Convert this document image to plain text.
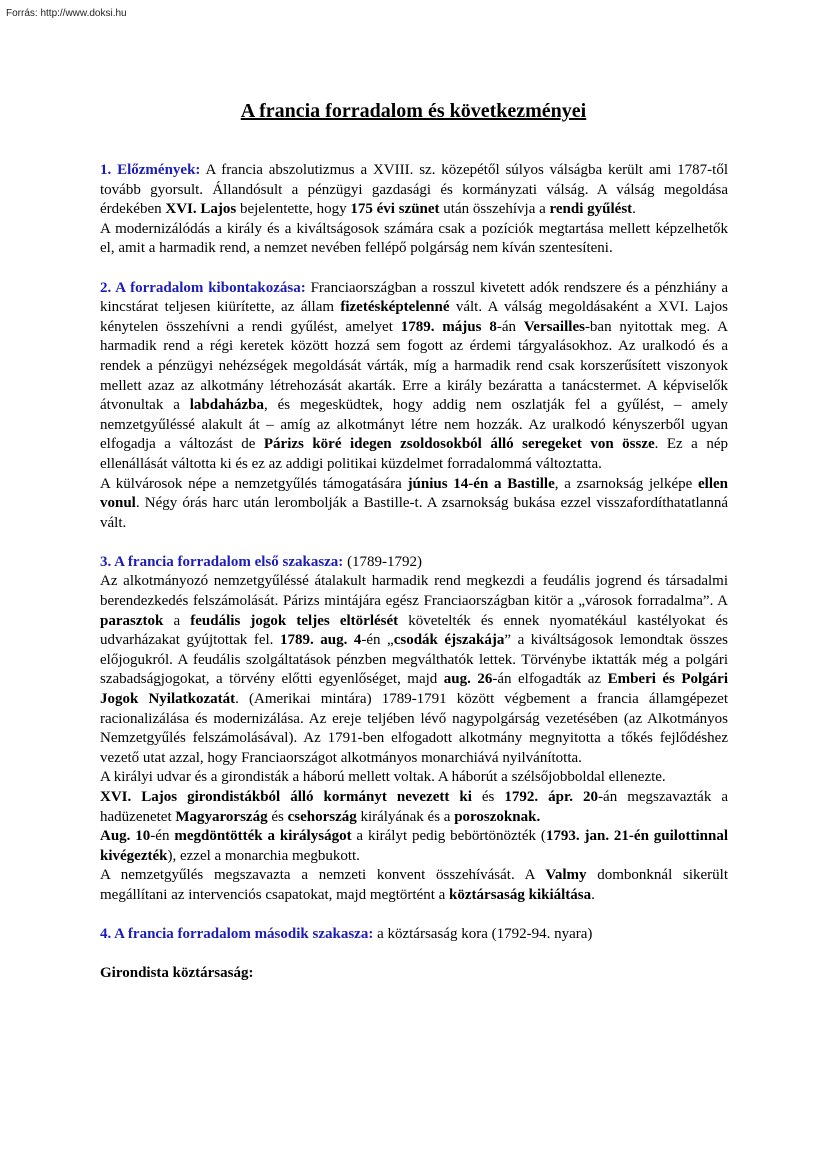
Forrás: http://www.doksi.hu
A francia forradalom és következményei

1. Előzmények: A francia abszolutizmus a XVIII. sz. közepétől súlyos válságba került ami 1787-től tovább gyorsult. Állandósult a pénzügyi gazdasági és kormányzati válság. A válság megoldása érdekében XVI. Lajos bejelentette, hogy 175 évi szünet után összehívja a rendi gyűlést.

A modernizálódás a király és a kiváltságosok számára csak a pozíciók megtartása mellett képzelhetők el, amit a harmadik rend, a nemzet nevében fellépő polgárság nem kíván szentesíteni.

2. A forradalom kibontakozása: Franciaországban a rosszul kivetett adók rendszere és a pénzhiány a kincstárat teljesen kiürítette, az állam fizetésképtelenné vált. A válság megoldásaként a XVI. Lajos kénytelen összehívni a rendi gyűlést, amelyet 1789. május 8-án Versailles-ban nyitottak meg. A harmadik rend a régi keretek között hozzá sem fogott az érdemi tárgyalásokhoz. Az uralkodó és a rendek a pénzügyi nehézségek megoldását várták, míg a harmadik rend csak korszerűsített viszonyok mellett azaz az alkotmány létrehozását akarták. Erre a király bezáratta a tanácstermet. A képviselők átvonultak a labdaházba, és megesküdtek, hogy addig nem oszlatják fel a gyűlést, – amely nemzetgyűléssé alakult át – amíg az alkotmányt létre nem hozzák. Az uralkodó kényszerből ugyan elfogadja a változást de Párizs köré idegen zsoldosokból álló seregeket von össze. Ez a nép ellenállását váltotta ki és ez az addigi politikai küzdelmet forradalommá változtatta.

A külvárosok népe a nemzetgyűlés támogatására június 14-én a Bastille, a zsarnokság jelképe ellen vonul. Négy órás harc után lerombolják a Bastille-t. A zsarnokság bukása ezzel visszafordíthatatlanná vált.

3. A francia forradalom első szakasza: (1789-1792)

Az alkotmányozó nemzetgyűléssé átalakult harmadik rend megkezdi a feudális jogrend és társadalmi berendezkedés felszámolását. Párizs mintájára egész Franciaországban kitör a „városok forradalma”. A parasztok a feudális jogok teljes eltörlését követelték és ennek nyomatékául kastélyokat és udvarházakat gyújtottak fel. 1789. aug. 4-én „csodák éjszakája” a kiváltságosok lemondtak összes előjogukról. A feudális szolgáltatások pénzben megválthatók lettek. Törvénybe iktatták még a polgári szabadságjogokat, a törvény előtti egyenlőséget, majd aug. 26-án elfogadták az Emberi és Polgári Jogok Nyilatkozatát. (Amerikai mintára) 1789-1791 között végbement a francia államgépezet racionalizálása és modernizálása. Az ereje teljében lévő nagypolgárság vezetésében (az Alkotmányos Nemzetgyűlés felszámolásával). Az 1791-ben elfogadott alkotmány megnyitotta a tőkés fejlődéshez vezető utat azzal, hogy Franciaországot alkotmányos monarchiává nyilvánította.

A királyi udvar és a girondisták a háború mellett voltak. A háborút a szélsőjobboldal ellenezte.

XVI. Lajos girondistákból álló kormányt nevezett ki és 1792. ápr. 20-án megszavazták a hadüzenetet Magyarország és csehország királyának és a poroszoknak.

Aug. 10-én megdöntötték a királyságot a királyt pedig bebörtönözték (1793. jan. 21-én guilottinnal kivégezték), ezzel a monarchia megbukott.

A nemzetgyűlés megszavazta a nemzeti konvent összehívását. A Valmy dombonknál sikerült megállítani az intervenciós csapatokat, majd megtörtént a köztársaság kikiáltása.

4. A francia forradalom második szakasza: a köztársaság kora (1792-94. nyara)

Girondista köztársaság:
